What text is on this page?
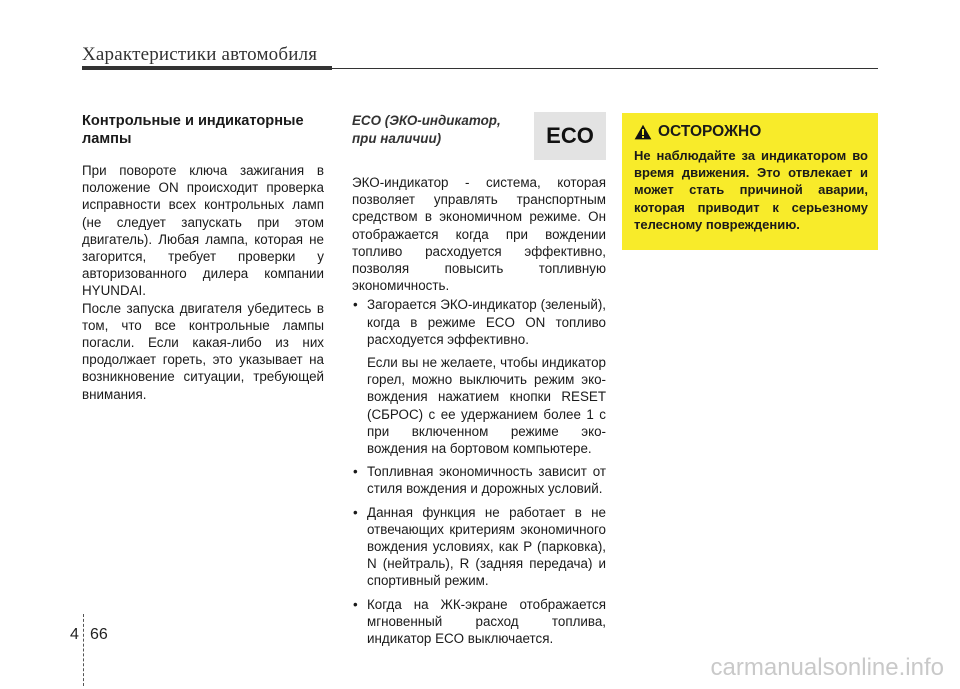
Характеристики автомобиля
Контрольные и индикаторные лампы

При повороте ключа зажигания в положение ON происходит проверка исправности всех контрольных ламп (не следует запускать при этом двигатель). Любая лампа, которая не загорится, требует проверки у авторизованного дилера компании HYUNDAI.

После запуска двигателя убедитесь в том, что все контрольные лампы погасли. Если какая-либо из них продолжает гореть, это указывает на возникновение ситуации, требующей внимания.

ECO (ЭКО-индикатор,
при наличии)	ECO

ЭКО-индикатор - система, которая позволяет управлять транспортным средством в экономичном режиме. Он отображается когда при вождении топливо расходуется эффективно, позволяя повысить топливную экономичность.

• Загорается ЭКО-индикатор (зеленый), когда в режиме ECO ON топливо расходуется эффективно.
Если вы не желаете, чтобы индикатор горел, можно выключить режим эко-вождения нажатием кнопки RESET (СБРОС) с ее удержанием более 1 с при включенном режиме эко-вождения на бортовом компьютере.
• Топливная экономичность зависит от стиля вождения и дорожных условий.
• Данная функция не работает в не отвечающих критериям экономичного вождения условиях, как P (парковка), N (нейтраль), R (задняя передача) и спортивный режим.
• Когда на ЖК-экране отображается мгновенный расход топлива, индикатор ECO выключается.
ОСТОРОЖНО
Не наблюдайте за индикатором во время движения. Это отвлекает и может стать причиной аварии, которая приводит к серьезному телесному повреждению.
4 66
carmanualsonline.info
